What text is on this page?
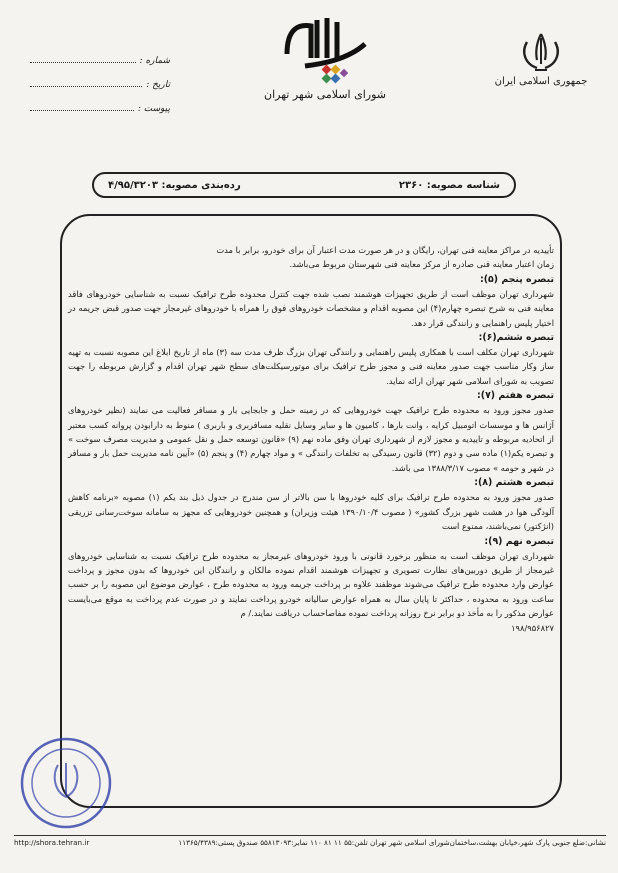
جمهوری اسلامی ایران
شورای اسلامی شهر تهران
شماره :
تاریخ :
پیوست :
شناسه مصوبه: ۲۳۶۰
رده‌بندی مصوبه: ۴/۹۵/۳۲۰۳

تأییدیه در مراکز معاینه فنی تهران، رایگان و در هر صورت مدت اعتبار آن برای خودرو، برابر با مدت

زمان اعتبار معاینه فنی صادره از مرکز معاینه فنی شهرستان مربوط می‌باشد.

تبصره پنجم (۵):

شهرداری تهران موظف است از طریق تجهیزات هوشمند نصب شده جهت کنترل محدوده طرح ترافیک نسبت به شناسایی خودروهای فاقد معاینه فنی به شرح تبصره چهارم(۴) این مصوبه اقدام و مشخصات خودروهای فوق را همراه با خودروهای غیرمجاز جهت صدور قبض جریمه در اختیار پلیس راهنمایی و رانندگی قرار دهد.

تبصره ششم(۶):

شهرداری تهران مکلف است با همکاری پلیس راهنمایی و رانندگی تهران بزرگ ظرف مدت سه (۳) ماه از تاریخ ابلاغ این مصوبه نسبت به تهیه ساز وکار مناسب جهت صدور معاینه فنی و مجوز طرح ترافیک برای موتورسیکلت‌های سطح شهر تهران اقدام و گزارش مربوطه را جهت تصویب به شورای اسلامی شهر تهران ارائه نماید.

تبصره هفتم (۷):

صدور مجوز ورود به محدوده طرح ترافیک جهت خودروهایی که در زمینه حمل و جابجایی بار و مسافر فعالیت می نمایند (نظیر خودروهای آژانس ها و موسسات اتومبیل کرایه ، وانت بارها ، کامیون ها و سایر وسایل نقلیه مسافربری و باربری ) منوط به دارابودن پروانه کسب معتبر از اتحادیه مربوطه و تاییدیه و مجوز لازم از شهرداری تهران وفق ماده نهم (۹) «قانون توسعه حمل و نقل عمومی و مدیریت مصرف سوخت » و تبصره یکم(۱) ماده سی و دوم (۳۲) قانون رسیدگی به تخلفات رانندگی » و مواد چهارم (۴) و پنجم (۵) «آیین نامه مدیریت حمل بار و مسافر در شهر و حومه » مصوب ۱۳۸۸/۳/۱۷ می باشد.

تبصره هشتم (۸):

صدور مجوز ورود به محدوده طرح ترافیک برای کلیه خودروها با سن بالاتر از سن مندرج در جدول ذیل بند یکم (۱) مصوبه «برنامه کاهش آلودگی هوا در هشت شهر بزرگ کشور» ( مصوب ۱۳۹۰/۱۰/۴ هیئت وزیران) و همچنین خودروهایی که مجهز به سامانه سوخت‌رسانی تزریقی (انژکتور) نمی‌باشند، ممنوع است

تبصره نهم (۹):

شهرداری تهران موظف است به منظور برخورد قانونی با ورود خودروهای غیرمجاز به محدوده طرح ترافیک نسبت به شناسایی خودروهای غیرمجاز از طریق دوربین‌های نظارت تصویری و تجهیزات هوشمند اقدام نموده مالکان و رانندگان این خودروها که بدون مجوز و پرداخت عوارض وارد محدوده طرح ترافیک می‌شوند موظفند علاوه بر پرداخت جریمه ورود به محدوده طرح ، عوارض موضوع این مصوبه را بر حسب ساعت ورود به محدوده ، حداکثر تا پایان سال به همراه عوارض سالیانه خودرو پرداخت نمایند و در صورت عدم پرداخت به موقع می‌بایست عوارض مذکور را به مأخذ دو برابر نرخ روزانه پرداخت نموده مفاصاحساب دریافت نمایند./ م

۱۹۸/۹۵۶۸۲۷

http://shora.tehran.ir	نشانی:ضلع جنوبی پارک شهر،خیابان بهشت،ساختمان‌شورای اسلامی شهر تهران تلفن:۵۵ ۱۱ ۸۱ ۱۱۰ نمابر:۵۵۸۱۳۰۹۳ صندوق پستی:۱۱۳۶۵/۴۳۸۹
